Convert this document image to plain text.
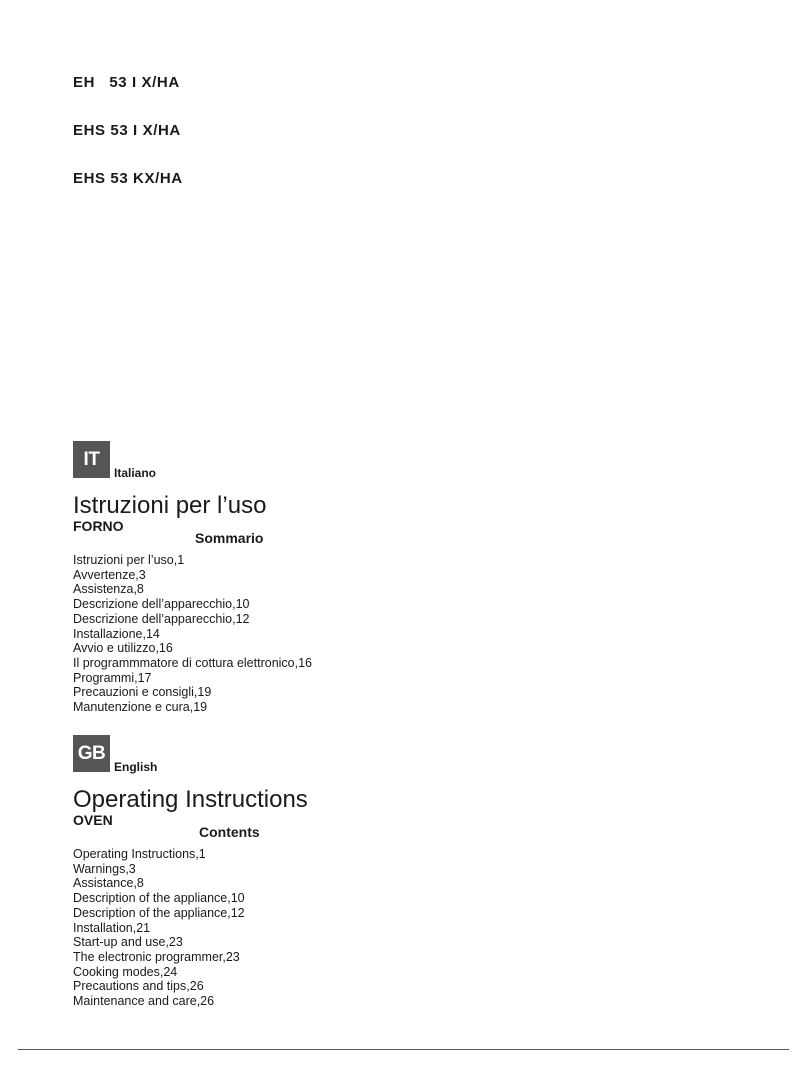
EH   53 I X/HA

EHS 53 I X/HA

EHS 53 KX/HA

IT
Italiano
Istruzioni per l’uso
FORNO
Sommario
Istruzioni per l’uso,1
Avvertenze,3
Assistenza,8
Descrizione dell’apparecchio,10
Descrizione dell’apparecchio,12
Installazione,14
Avvio e utilizzo,16
Il programmmatore di cottura elettronico,16
Programmi,17
Precauzioni e consigli,19
Manutenzione e cura,19
GB
English
Operating Instructions
OVEN
Contents
Operating Instructions,1
Warnings,3
Assistance,8
Description of the appliance,10
Description of the appliance,12
Installation,21
Start-up and use,23
The electronic programmer,23
Cooking modes,24
Precautions and tips,26
Maintenance and care,26
